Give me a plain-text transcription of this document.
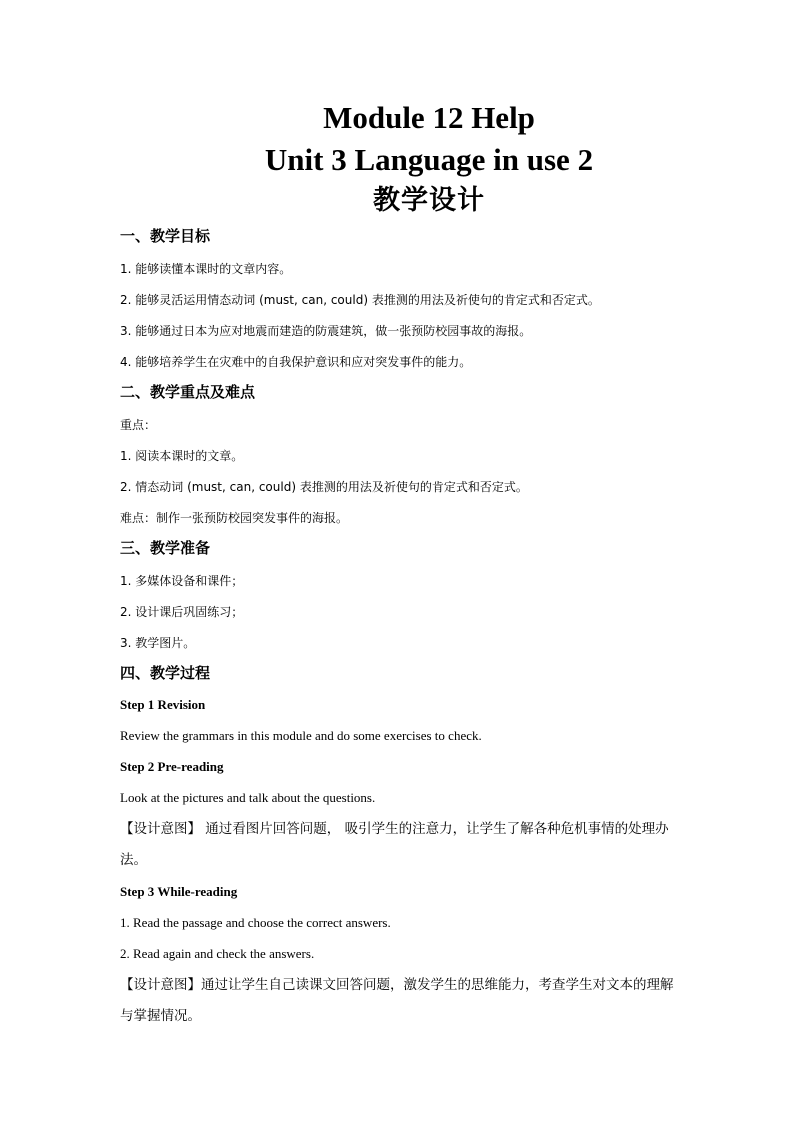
Module 12 Help
Unit 3 Language in use 2
教学设计
一、教学目标
1. 能够读懂本课时的文章内容。
2. 能够灵活运用情态动词 (must, can, could) 表推测的用法及祈使句的肯定式和否定式。
3. 能够通过日本为应对地震而建造的防震建筑，做一张预防校园事故的海报。
4. 能够培养学生在灾难中的自我保护意识和应对突发事件的能力。
二、教学重点及难点
重点：
1. 阅读本课时的文章。
2. 情态动词 (must, can, could) 表推测的用法及祈使句的肯定式和否定式。
难点：制作一张预防校园突发事件的海报。
三、教学准备
1. 多媒体设备和课件；
2. 设计课后巩固练习；
3. 教学图片。
四、教学过程
Step 1 Revision
Review the grammars in this module and do some exercises to check.
Step 2 Pre-reading
Look at the pictures and talk about the questions.
【设计意图】 通过看图片回答问题， 吸引学生的注意力，让学生了解各种危机事情的处理办法。
Step 3 While-reading
1. Read the passage and choose the correct answers.
2. Read again and check the answers.
【设计意图】通过让学生自己读课文回答问题，激发学生的思维能力，考查学生对文本的理解与掌握情况。
